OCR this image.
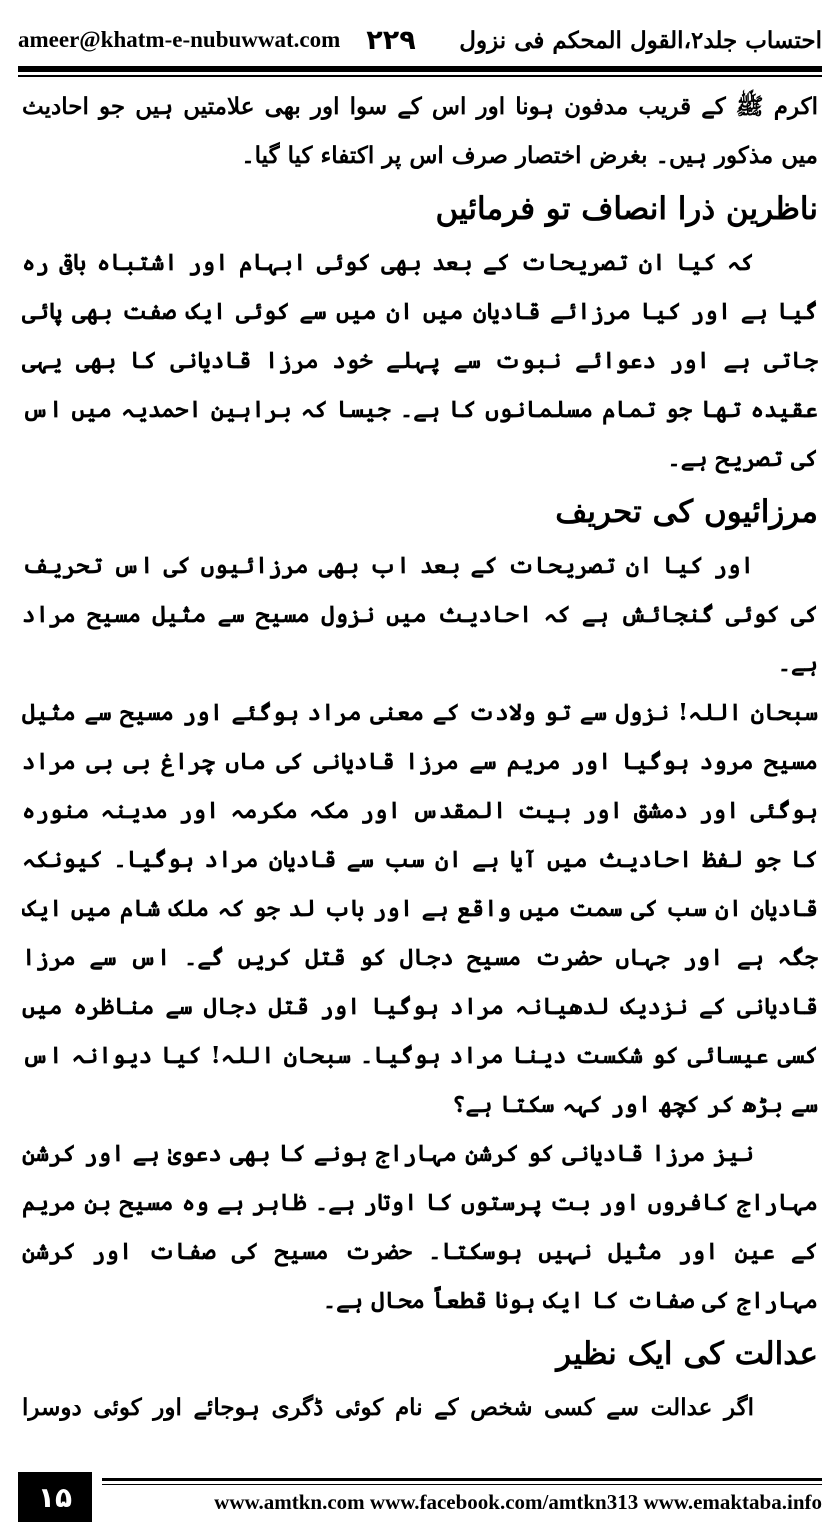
ameer@khatm-e-nubuwwat.com ۲۲۹ احتساب جلد۲،القول المحکم فی نزول

اکرم ﷺ کے قریب مدفون ہونا اور اس کے سوا اور بھی علامتیں ہیں جو احادیث میں مذکور ہیں۔ بغرض اختصار صرف اس پر اکتفاء کیا گیا۔

ناظرین ذرا انصاف تو فرمائیں

کہ کیا ان تصریحات کے بعد بھی کوئی ابہام اور اشتباہ باقی رہ گیا ہے اور کیا مرزائے قادیان میں ان میں سے کوئی ایک صفت بھی پائی جاتی ہے اور دعوائے نبوت سے پہلے خود مرزا قادیانی کا بھی یہی عقیدہ تھا جو تمام مسلمانوں کا ہے۔ جیسا کہ براہین احمدیہ میں اس کی تصریح ہے۔

مرزائیوں کی تحریف

اور کیا ان تصریحات کے بعد اب بھی مرزائیوں کی اس تحریف کی کوئی گنجائش ہے کہ احادیث میں نزول مسیح سے مثیل مسیح مراد ہے۔

سبحان اللہ! نزول سے تو ولادت کے معنی مراد ہوگئے اور مسیح سے مثیل مسیح مرود ہوگیا اور مریم سے مرزا قادیانی کی ماں چراغ بی بی مراد ہوگئی اور دمشق اور بیت المقدس اور مکہ مکرمہ اور مدینہ منورہ کا جو لفظ احادیث میں آیا ہے ان سب سے قادیان مراد ہوگیا۔ کیونکہ قادیان ان سب کی سمت میں واقع ہے اور باب لد جو کہ ملک شام میں ایک جگہ ہے اور جہاں حضرت مسیح دجال کو قتل کریں گے۔ اس سے مرزا قادیانی کے نزدیک لدھیانہ مراد ہوگیا اور قتل دجال سے مناظرہ میں کسی عیسائی کو شکست دینا مراد ہوگیا۔ سبحان اللہ! کیا دیوانہ اس سے بڑھ کر کچھ اور کہہ سکتا ہے؟

نیز مرزا قادیانی کو کرشن مہاراج ہونے کا بھی دعویٰ ہے اور کرشن مہاراج کافروں اور بت پرستوں کا اوتار ہے۔ ظاہر ہے وہ مسیح بن مریم کے عین اور مثیل نہیں ہوسکتا۔ حضرت مسیح کی صفات اور کرشن مہاراج کی صفات کا ایک ہونا قطعاً محال ہے۔

عدالت کی ایک نظیر

اگر عدالت سے کسی شخص کے نام کوئی ڈگری ہوجائے اور کوئی دوسرا

۱۵	www.amtkn.com www.facebook.com/amtkn313 www.emaktaba.info
